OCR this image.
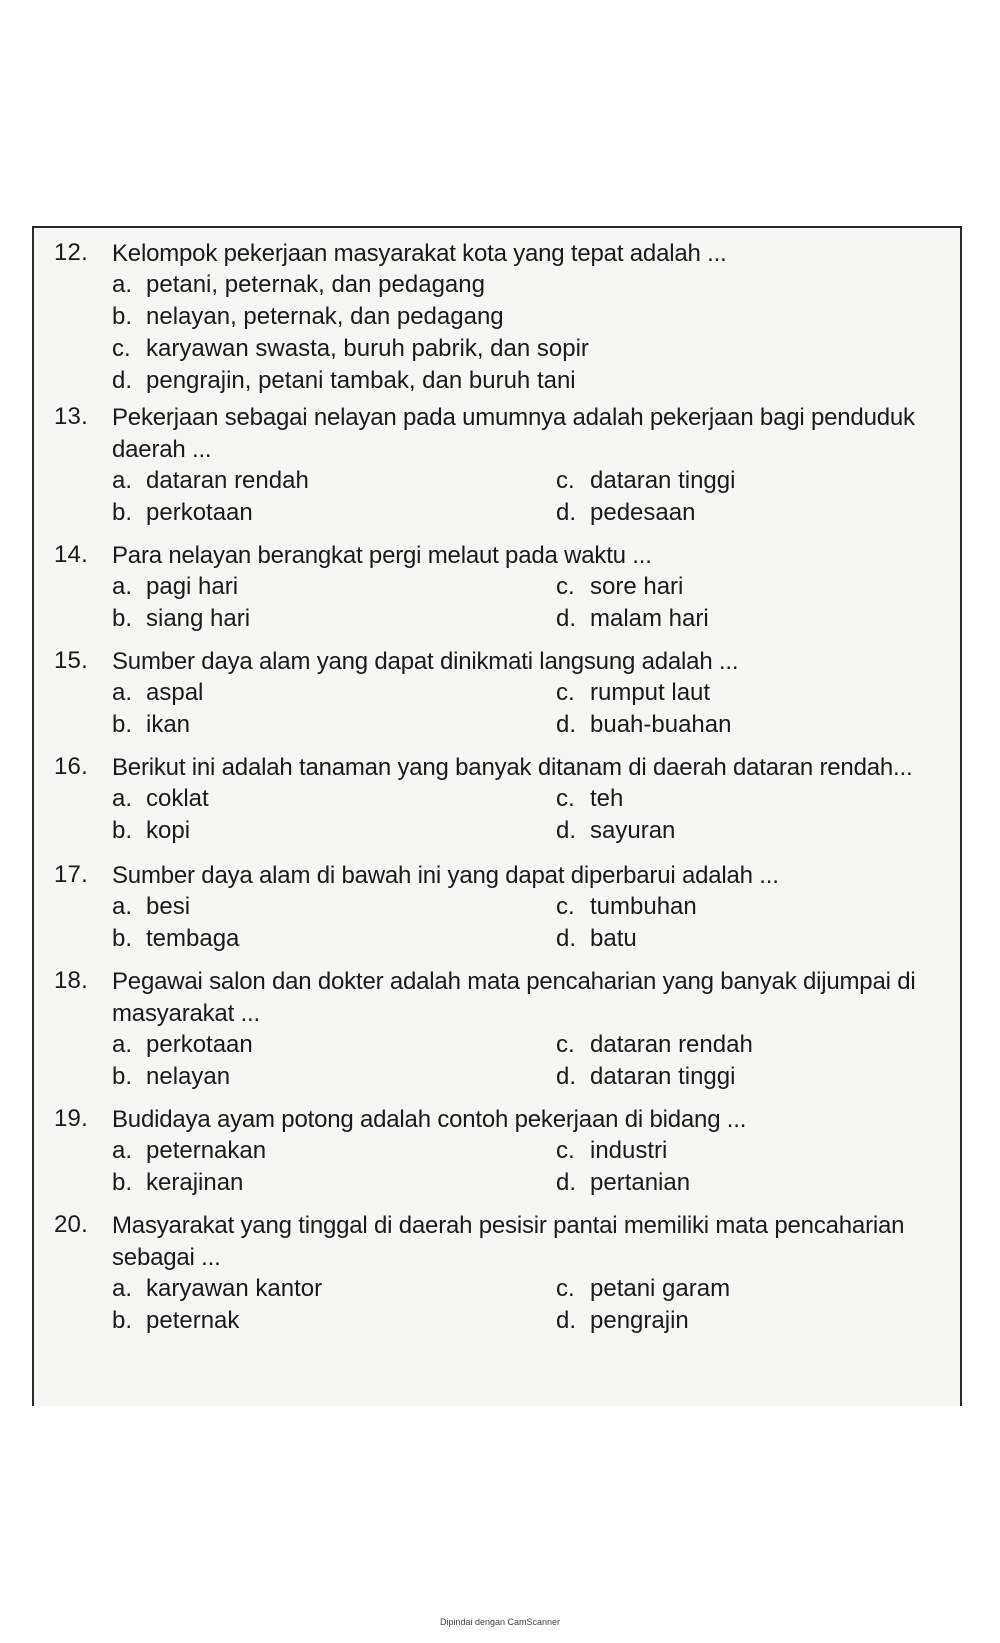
12. Kelompok pekerjaan masyarakat kota yang tepat adalah ...
a. petani, peternak, dan pedagang
b. nelayan, peternak, dan pedagang
c. karyawan swasta, buruh pabrik, dan sopir
d. pengrajin, petani tambak, dan buruh tani
13. Pekerjaan sebagai nelayan pada umumnya adalah pekerjaan bagi penduduk daerah ...
a. dataran rendah
b. perkotaan
c. dataran tinggi
d. pedesaan
14. Para nelayan berangkat pergi melaut pada waktu ...
a. pagi hari
b. siang hari
c. sore hari
d. malam hari
15. Sumber daya alam yang dapat dinikmati langsung adalah ...
a. aspal
b. ikan
c. rumput laut
d. buah-buahan
16. Berikut ini adalah tanaman yang banyak ditanam di daerah dataran rendah...
a. coklat
b. kopi
c. teh
d. sayuran
17. Sumber daya alam di bawah ini yang dapat diperbarui adalah ...
a. besi
b. tembaga
c. tumbuhan
d. batu
18. Pegawai salon dan dokter adalah mata pencaharian yang banyak dijumpai di masyarakat ...
a. perkotaan
b. nelayan
c. dataran rendah
d. dataran tinggi
19. Budidaya ayam potong adalah contoh pekerjaan di bidang ...
a. peternakan
b. kerajinan
c. industri
d. pertanian
20. Masyarakat yang tinggal di daerah pesisir pantai memiliki mata pencaharian sebagai ...
a. karyawan kantor
b. peternak
c. petani garam
d. pengrajin
Dipindai dengan CamScanner
